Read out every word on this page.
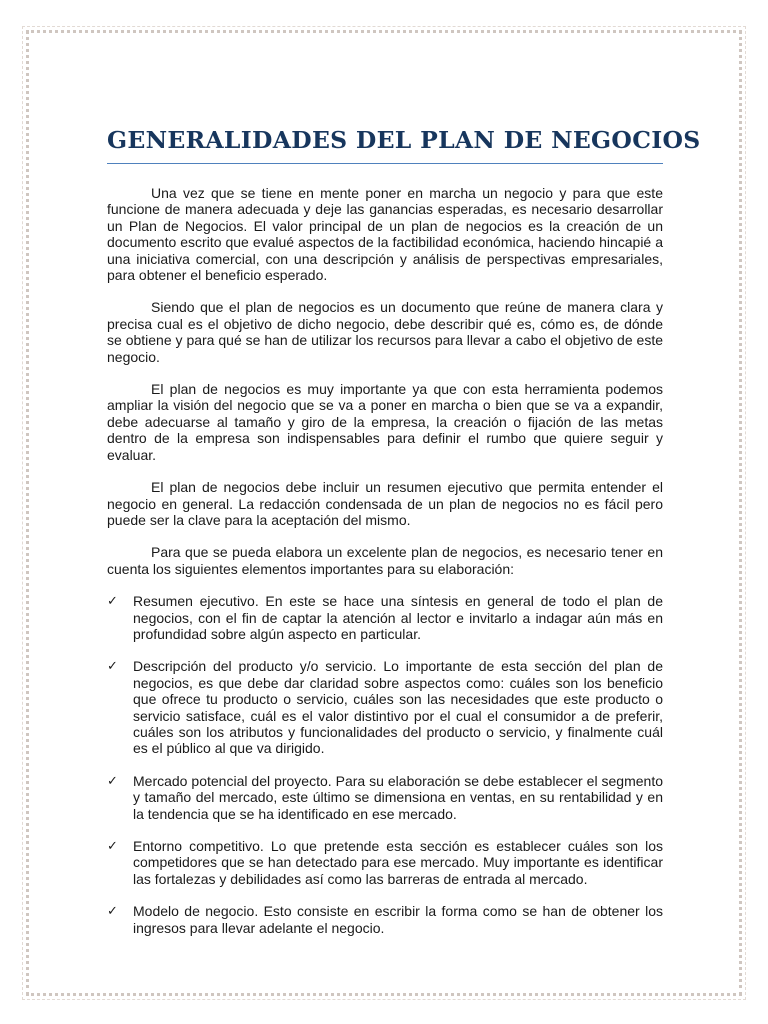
GENERALIDADES DEL PLAN DE NEGOCIOS

Una vez que se tiene en mente poner en marcha un negocio y para que este funcione de manera adecuada y deje las ganancias esperadas, es necesario desarrollar un Plan de Negocios. El valor principal de un plan de negocios es la creación de un documento escrito que evalué aspectos de la factibilidad económica, haciendo hincapié a una iniciativa comercial, con una descripción y análisis de perspectivas empresariales, para obtener el beneficio esperado.

Siendo que el plan de negocios es un documento que reúne de manera clara y precisa cual es el objetivo de dicho negocio, debe describir qué es, cómo es, de dónde se obtiene y para qué se han de utilizar los recursos para llevar a cabo el objetivo de este negocio.

El plan de negocios es muy importante ya que con esta herramienta podemos ampliar la visión del negocio que se va a poner en marcha o bien que se va a expandir, debe adecuarse al tamaño y giro de la empresa, la creación o fijación de las metas dentro de la empresa son indispensables para definir el rumbo que quiere seguir y evaluar.

El plan de negocios debe incluir un resumen ejecutivo que permita entender el negocio en general. La redacción condensada de un plan de negocios no es fácil pero puede ser la clave para la aceptación del mismo.

Para que se pueda elabora un excelente plan de negocios, es necesario tener en cuenta los siguientes elementos importantes para su elaboración:

✓ Resumen ejecutivo. En este se hace una síntesis en general de todo el plan de negocios, con el fin de captar la atención al lector e invitarlo a indagar aún más en profundidad sobre algún aspecto en particular.
✓ Descripción del producto y/o servicio. Lo importante de esta sección del plan de negocios, es que debe dar claridad sobre aspectos como: cuáles son los beneficio que ofrece tu producto o servicio, cuáles son las necesidades que este producto o servicio satisface, cuál es el valor distintivo por el cual el consumidor a de preferir, cuáles son los atributos y funcionalidades del producto o servicio, y finalmente cuál es el público al que va dirigido.
✓ Mercado potencial del proyecto. Para su elaboración se debe establecer el segmento y tamaño del mercado, este último se dimensiona en ventas, en su rentabilidad y en la tendencia que se ha identificado en ese mercado.
✓ Entorno competitivo. Lo que pretende esta sección es establecer cuáles son los competidores que se han detectado para ese mercado. Muy importante es identificar las fortalezas y debilidades así como las barreras de entrada al mercado.
✓ Modelo de negocio. Esto consiste en escribir la forma como se han de obtener los ingresos para llevar adelante el negocio.
